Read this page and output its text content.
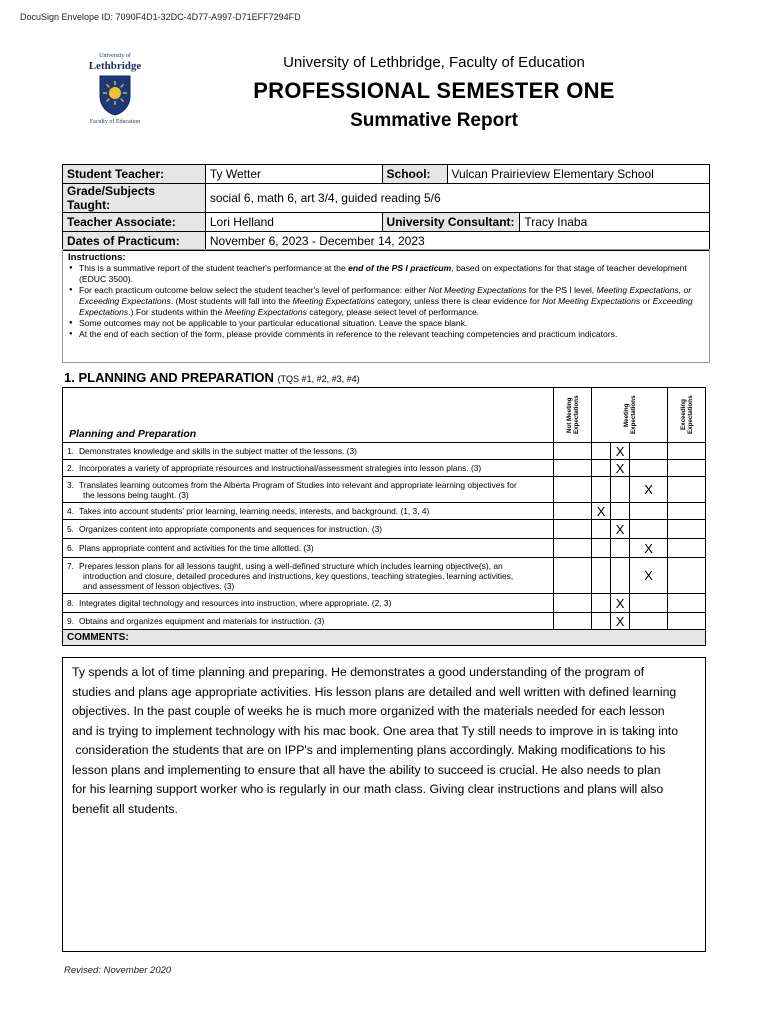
DocuSign Envelope ID: 7090F4D1-32DC-4D77-A997-D71EFF7294FD
University of
Lethbridge
Faculty of Education
University of Lethbridge, Faculty of Education
PROFESSIONAL SEMESTER ONE
Summative Report
Student Teacher:	Ty Wetter	School:	Vulcan Prairieview Elementary School	
Grade/Subjects Taught:	social 6, math 6, art 3/4, guided reading 5/6			
Teacher Associate:	Lori Helland	University Consultant:		Tracy Inaba
Dates of Practicum:	November 6, 2023 - December 14, 2023			
Instructions:
● This is a summative report of the student teacher's performance at the end of the PS I practicum, based on expectations for that stage of teacher development (EDUC 3500).
● For each practicum outcome below select the student teacher's level of performance: either Not Meeting Expectations for the PS I level, Meeting Expectations, or Exceeding Expectations. (Most students will fall into the Meeting Expectations category, unless there is clear evidence for Not Meeting Expectations or Exceeding Expectations.) For students within the Meeting Expectations category, please select level of performance.
● Some outcomes may not be applicable to your particular educational situation. Leave the space blank.
● At the end of each section of the form, please provide comments in reference to the relevant teaching competencies and practicum indicators.
1. PLANNING AND PREPARATION (TQS #1, #2, #3, #4)
Planning and Preparation	Not Meeting Expectations	Meeting Expectations			Exceeding Expectations

1. Demonstrates knowledge and skills in the subject matter of the lessons. (3)			X		

2. Incorporates a variety of appropriate resources and instructional/assessment strategies into lesson plans. (3)			X		

3. Translates learning outcomes from the Alberta Program of Studies into relevant and appropriate learning objectives for
the lessons being taught. (3)				X	

4. Takes into account students' prior learning, learning needs, interests, and background. (1, 3, 4)		X			

5. Organizes content into appropriate components and sequences for instruction. (3)			X		

6. Plans appropriate content and activities for the time allotted. (3)				X	

7. Prepares lesson plans for all lessons taught, using a well-defined structure which includes learning objective(s), an
introduction and closure, detailed procedures and instructions, key questions, teaching strategies, learning activities,
and assessment of lesson objectives. (3)				X	

8. Integrates digital technology and resources into instruction, where appropriate. (2, 3)			X		

9. Obtains and organizes equipment and materials for instruction. (3)			X		
COMMENTS:					
Ty spends a lot of time planning and preparing. He demonstrates a good understanding of the program of
studies and plans age appropriate activities. His lesson plans are detailed and well written with defined learning
objectives. In the past couple of weeks he is much more organized with the materials needed for each lesson
and is trying to implement technology with his mac book. One area that Ty still needs to improve in is taking into
consideration the students that are on IPP's and implementing plans accordingly. Making modifications to his
lesson plans and implementing to ensure that all have the ability to succeed is crucial. He also needs to plan
for his learning support worker who is regularly in our math class. Giving clear instructions and plans will also
benefit all students.
Revised: November 2020
